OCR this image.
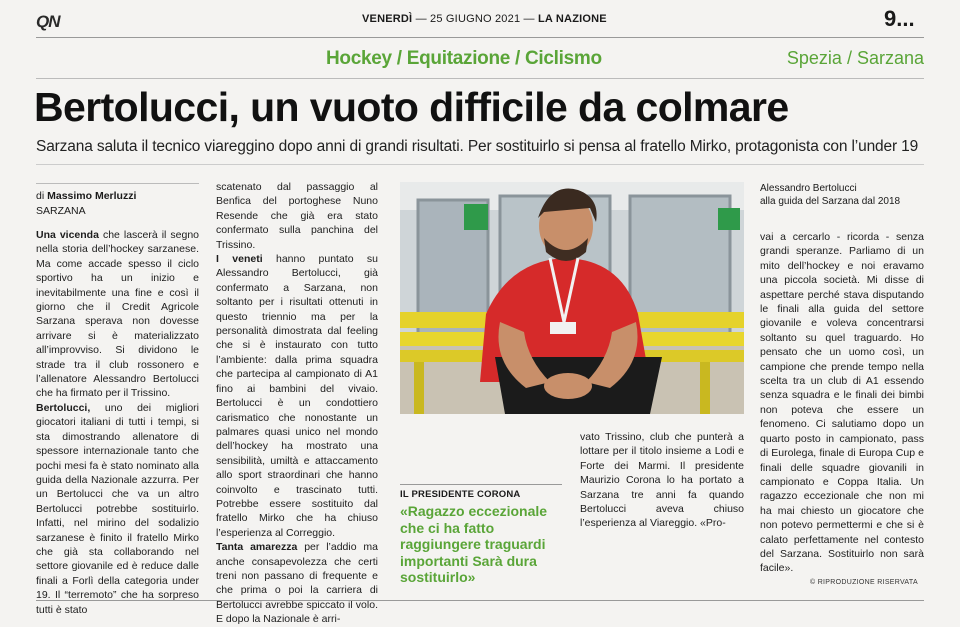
QN	VENERDÌ — 25 GIUGNO 2021 — LA NAZIONE	9...
Hockey / Equitazione / Ciclismo	Spezia / Sarzana
Bertolucci, un vuoto difficile da colmare
Sarzana saluta il tecnico viareggino dopo anni di grandi risultati. Per sostituirlo si pensa al fratello Mirko, protagonista con l’under 19
di Massimo Merluzzi
SARZANA

Una vicenda che lascerà il segno nella storia dell’hockey sarzanese. Ma come accade spesso il ciclo sportivo ha un inizio e inevitabilmente una fine e così il giorno che il Credit Agricole Sarzana sperava non dovesse arrivare si è materializzato all’improvviso. Si dividono le strade tra il club rossonero e l’allenatore Alessandro Bertolucci che ha firmato per il Trissino.

Bertolucci, uno dei migliori giocatori italiani di tutti i tempi, si sta dimostrando allenatore di spessore internazionale tanto che pochi mesi fa è stato nominato alla guida della Nazionale azzurra. Per un Bertolucci che va un altro Bertolucci potrebbe sostituirlo. Infatti, nel mirino del sodalizio sarzanese è finito il fratello Mirko che già sta collaborando nel settore giovanile ed è reduce dalle finali a Forlì della categoria under 19. Il “terremoto” che ha sorpreso tutti è stato

scatenato dal passaggio al Benfica del portoghese Nuno Resende che già era stato confermato sulla panchina del Trissino.

I veneti hanno puntato su Alessandro Bertolucci, già confermato a Sarzana, non soltanto per i risultati ottenuti in questo triennio ma per la personalità dimostrata dal feeling che si è instaurato con tutto l’ambiente: dalla prima squadra che partecipa al campionato di A1 fino ai bambini del vivaio. Bertolucci è un condottiero carismatico che nonostante un palmares quasi unico nel mondo dell’hockey ha mostrato una sensibilità, umiltà e attaccamento allo sport straordinari che hanno coinvolto e trascinato tutti. Potrebbe essere sostituito dal fratello Mirko che ha chiuso l’esperienza al Correggio.

Tanta amarezza per l’addio ma anche consapevolezza che certi treni non passano di frequente e che prima o poi la carriera di Bertolucci avrebbe spiccato il volo. E dopo la Nazionale è arri-

Alessandro Bertolucci
alla guida del Sarzana dal 2018
IL PRESIDENTE CORONA
«Ragazzo eccezionale che ci ha fatto raggiungere traguardi importanti Sarà dura sostituirlo»

vato Trissino, club che punterà a lottare per il titolo insieme a Lodi e Forte dei Marmi. Il presidente Maurizio Corona lo ha portato a Sarzana tre anni fa quando Bertolucci aveva chiuso l’esperienza al Viareggio. «Pro-

vai a cercarlo - ricorda - senza grandi speranze. Parliamo di un mito dell’hockey e noi eravamo una piccola società. Mi disse di aspettare perché stava disputando le finali alla guida del settore giovanile e voleva concentrarsi soltanto su quel traguardo. Ho pensato che un uomo così, un campione che prende tempo nella scelta tra un club di A1 essendo senza squadra e le finali dei bimbi non poteva che essere un fenomeno. Ci salutiamo dopo un quarto posto in campionato, pass di Eurolega, finale di Europa Cup e finali delle squadre giovanili in campionato e Coppa Italia. Un ragazzo eccezionale che non mi ha mai chiesto un giocatore che non potevo permettermi e che si è calato perfettamente nel contesto del Sarzana. Sostituirlo non sarà facile».

© RIPRODUZIONE RISERVATA
